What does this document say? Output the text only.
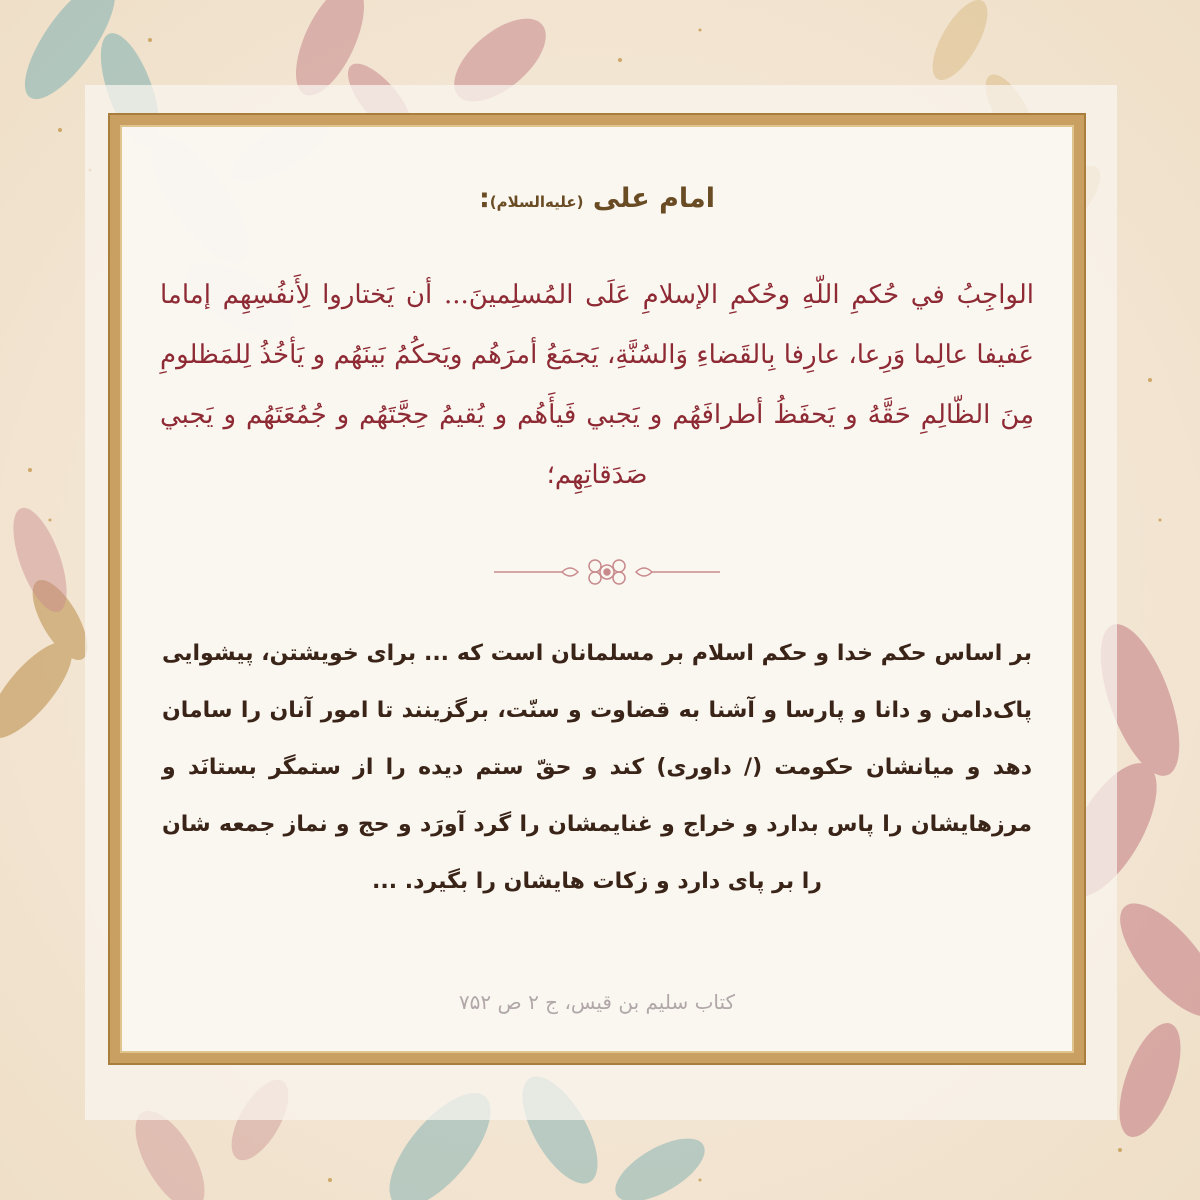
امام علی (علیه‌السلام):
الواجِبُ في حُكمِ اللّهِ وحُكمِ الإسلامِ عَلَى المُسلِمينَ... أن يَختاروا لِأَنفُسِهِم إماما عَفيفا عالِما وَرِعا، عارِفا بِالقَضاءِ وَالسُنَّةِ، يَجمَعُ أمرَهُم ويَحكُمُ بَينَهُم و يَأخُذُ لِلمَظلومِ مِنَ الظّالِمِ حَقَّهُ و يَحفَظُ أطرافَهُم و يَجبي فَيأَهُم و يُقيمُ حِجَّتَهُم و جُمُعَتَهُم و يَجبي صَدَقاتِهِم؛
بر اساس حکم خدا و حکم اسلام بر مسلمانان است که ... برای خویشتن، پیشوایی پاک‌دامن و دانا و پارسا و آشنا به قضاوت و سنّت، برگزینند تا امور آنان را سامان دهد و میانشان حکومت (/ داوری) کند و حقّ ستم دیده را از ستمگر بستانَد و مرزهایشان را پاس بدارد و خراج و غنایمشان را گرد آورَد و حج و نماز جمعه شان را بر پای دارد و زکات هایشان را بگیرد. ...
کتاب سلیم بن قیس، ج ۲ ص ۷۵۲
